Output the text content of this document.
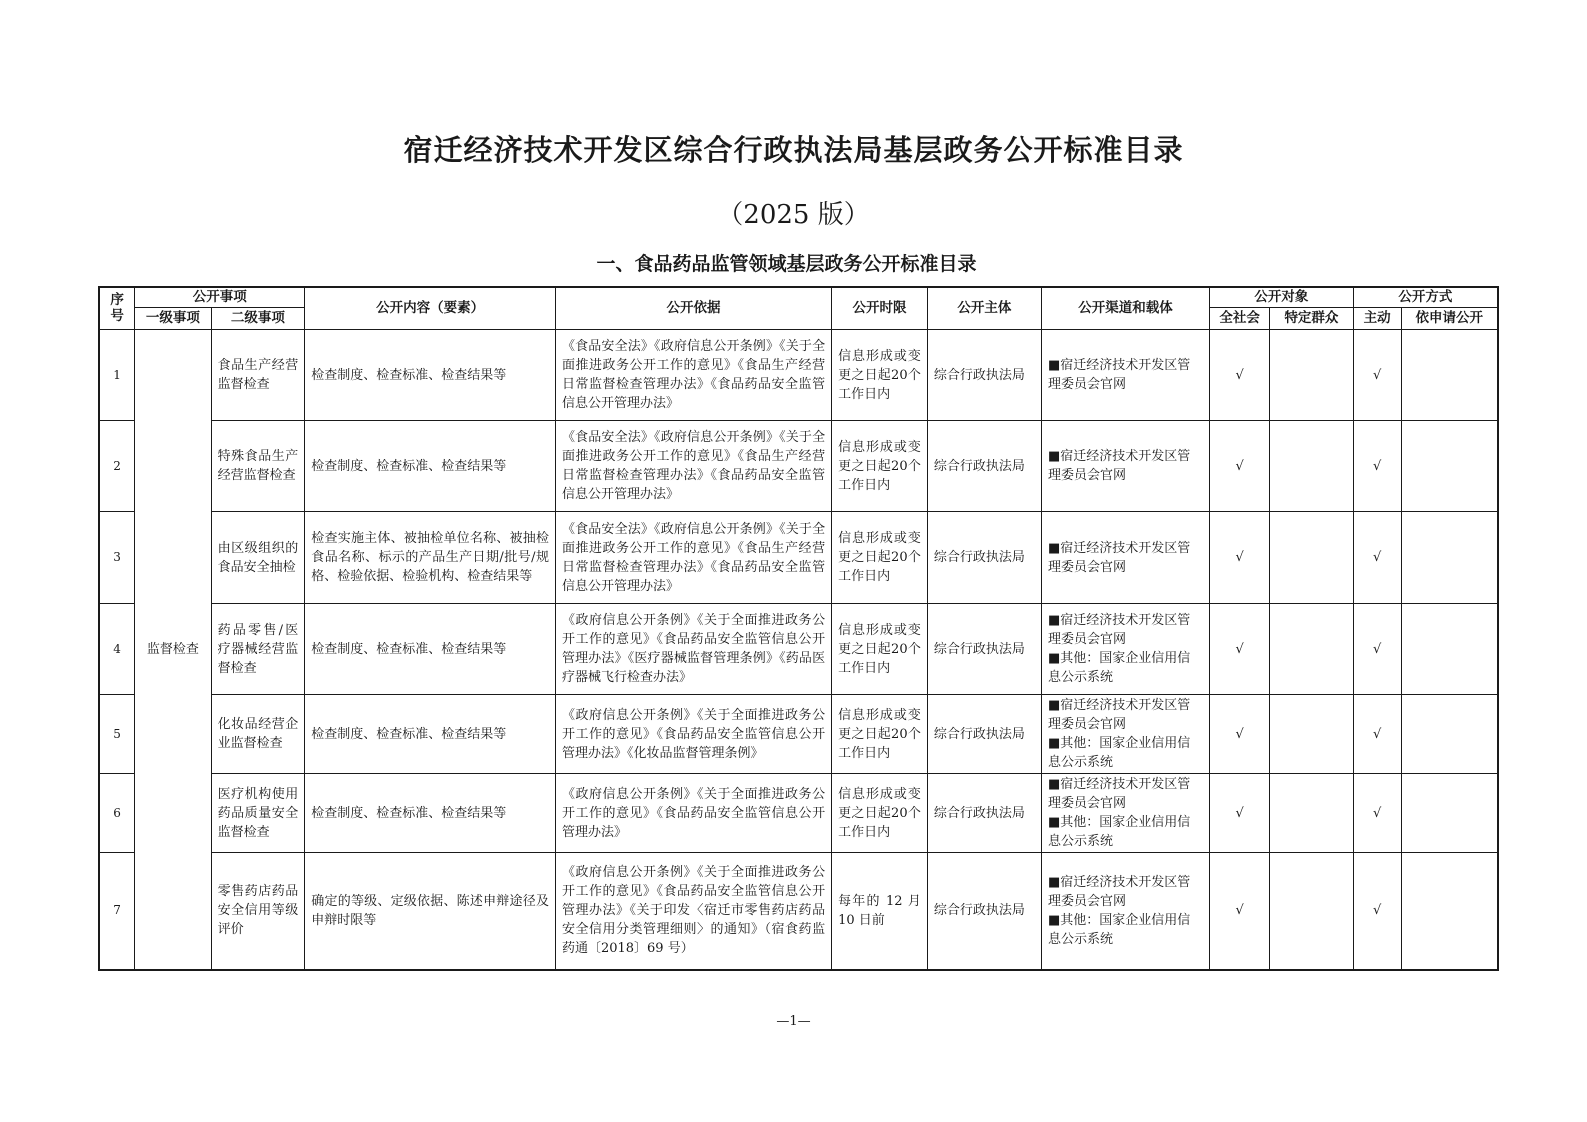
宿迁经济技术开发区综合行政执法局基层政务公开标准目录
（2025 版）
一、食品药品监管领域基层政务公开标准目录
序号	公开事项		公开内容（要素）	公开依据	公开时限	公开主体	公开渠道和载体	公开对象		公开方式	
	一级事项	二级事项						全社会	特定群众	主动	依申请公开
1	监督检查	食品生产经营监督检查	检查制度、检查标准、检查结果等	《食品安全法》《政府信息公开条例》《关于全面推进政务公开工作的意见》《食品生产经营日常监督检查管理办法》《食品药品安全监管信息公开管理办法》	信息形成或变更之日起20个工作日内	综合行政执法局	■宿迁经济技术开发区管理委员会官网	√		√	
2		特殊食品生产经营监督检查	检查制度、检查标准、检查结果等	《食品安全法》《政府信息公开条例》《关于全面推进政务公开工作的意见》《食品生产经营日常监督检查管理办法》《食品药品安全监管信息公开管理办法》	信息形成或变更之日起20个工作日内	综合行政执法局	■宿迁经济技术开发区管理委员会官网	√		√	
3		由区级组织的食品安全抽检	检查实施主体、被抽检单位名称、被抽检食品名称、标示的产品生产日期/批号/规格、检验依据、检验机构、检查结果等	《食品安全法》《政府信息公开条例》《关于全面推进政务公开工作的意见》《食品生产经营日常监督检查管理办法》《食品药品安全监管信息公开管理办法》	信息形成或变更之日起20个工作日内	综合行政执法局	■宿迁经济技术开发区管理委员会官网	√		√	
4		药品零售/医疗器械经营监督检查	检查制度、检查标准、检查结果等	《政府信息公开条例》《关于全面推进政务公开工作的意见》《食品药品安全监管信息公开管理办法》《医疗器械监督管理条例》《药品医疗器械飞行检查办法》	信息形成或变更之日起20个工作日内	综合行政执法局	■宿迁经济技术开发区管理委员会官网
■其他：国家企业信用信息公示系统	√		√	
5		化妆品经营企业监督检查	检查制度、检查标准、检查结果等	《政府信息公开条例》《关于全面推进政务公开工作的意见》《食品药品安全监管信息公开管理办法》《化妆品监督管理条例》	信息形成或变更之日起20个工作日内	综合行政执法局	■宿迁经济技术开发区管理委员会官网
■其他：国家企业信用信息公示系统	√		√	
6		医疗机构使用药品质量安全监督检查	检查制度、检查标准、检查结果等	《政府信息公开条例》《关于全面推进政务公开工作的意见》《食品药品安全监管信息公开管理办法》	信息形成或变更之日起20个工作日内	综合行政执法局	■宿迁经济技术开发区管理委员会官网
■其他：国家企业信用信息公示系统	√		√	
7		零售药店药品安全信用等级评价	确定的等级、定级依据、陈述申辩途径及申辩时限等	《政府信息公开条例》《关于全面推进政务公开工作的意见》《食品药品安全监管信息公开管理办法》《关于印发〈宿迁市零售药店药品安全信用分类管理细则〉的通知》（宿食药监药通〔2018〕69 号）	每年的 12 月 10 日前	综合行政执法局	■宿迁经济技术开发区管理委员会官网
■其他：国家企业信用信息公示系统	√		√	
—1—
